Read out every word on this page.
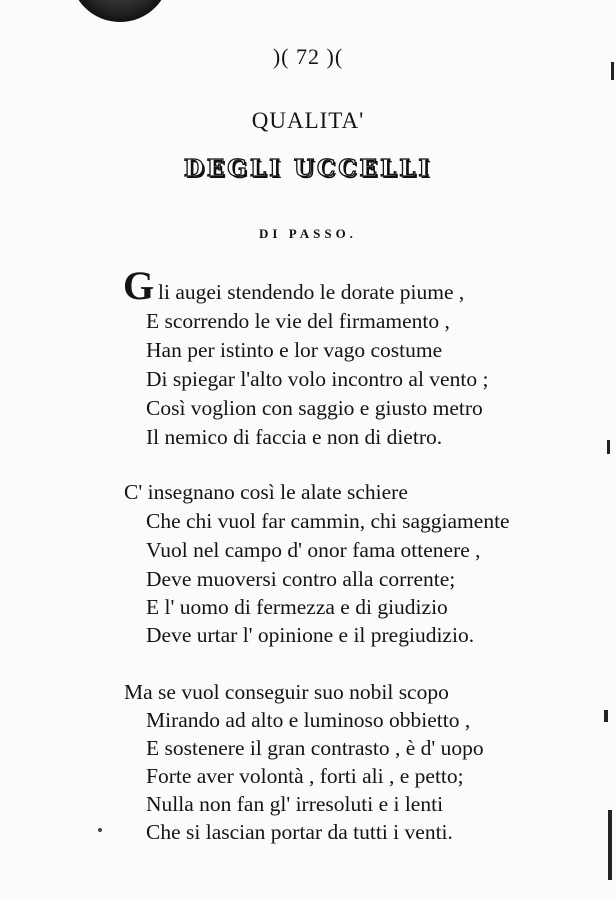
)( 72 )(
QUALITA'
DEGLI UCCELLI
DI PASSO.
G li augei stendendo le dorate piume ,
E scorrendo le vie del firmamento ,
Han per istinto e lor vago costume
Di spiegar l'alto volo incontro al vento ;
Così voglion con saggio e giusto metro
Il nemico di faccia e non di dietro.
C' insegnano così le alate schiere
Che chi vuol far cammin, chi saggiamente
Vuol nel campo d' onor fama ottenere ,
Deve muoversi contro alla corrente;
E l' uomo di fermezza e di giudizio
Deve urtar l' opinione e il pregiudizio.
Ma se vuol conseguir suo nobil scopo
Mirando ad alto e luminoso obbietto ,
E sostenere il gran contrasto , è d' uopo
Forte aver volontà , forti ali , e petto;
Nulla non fan gl' irresoluti e i lenti
Che si lascian portar da tutti i venti.
